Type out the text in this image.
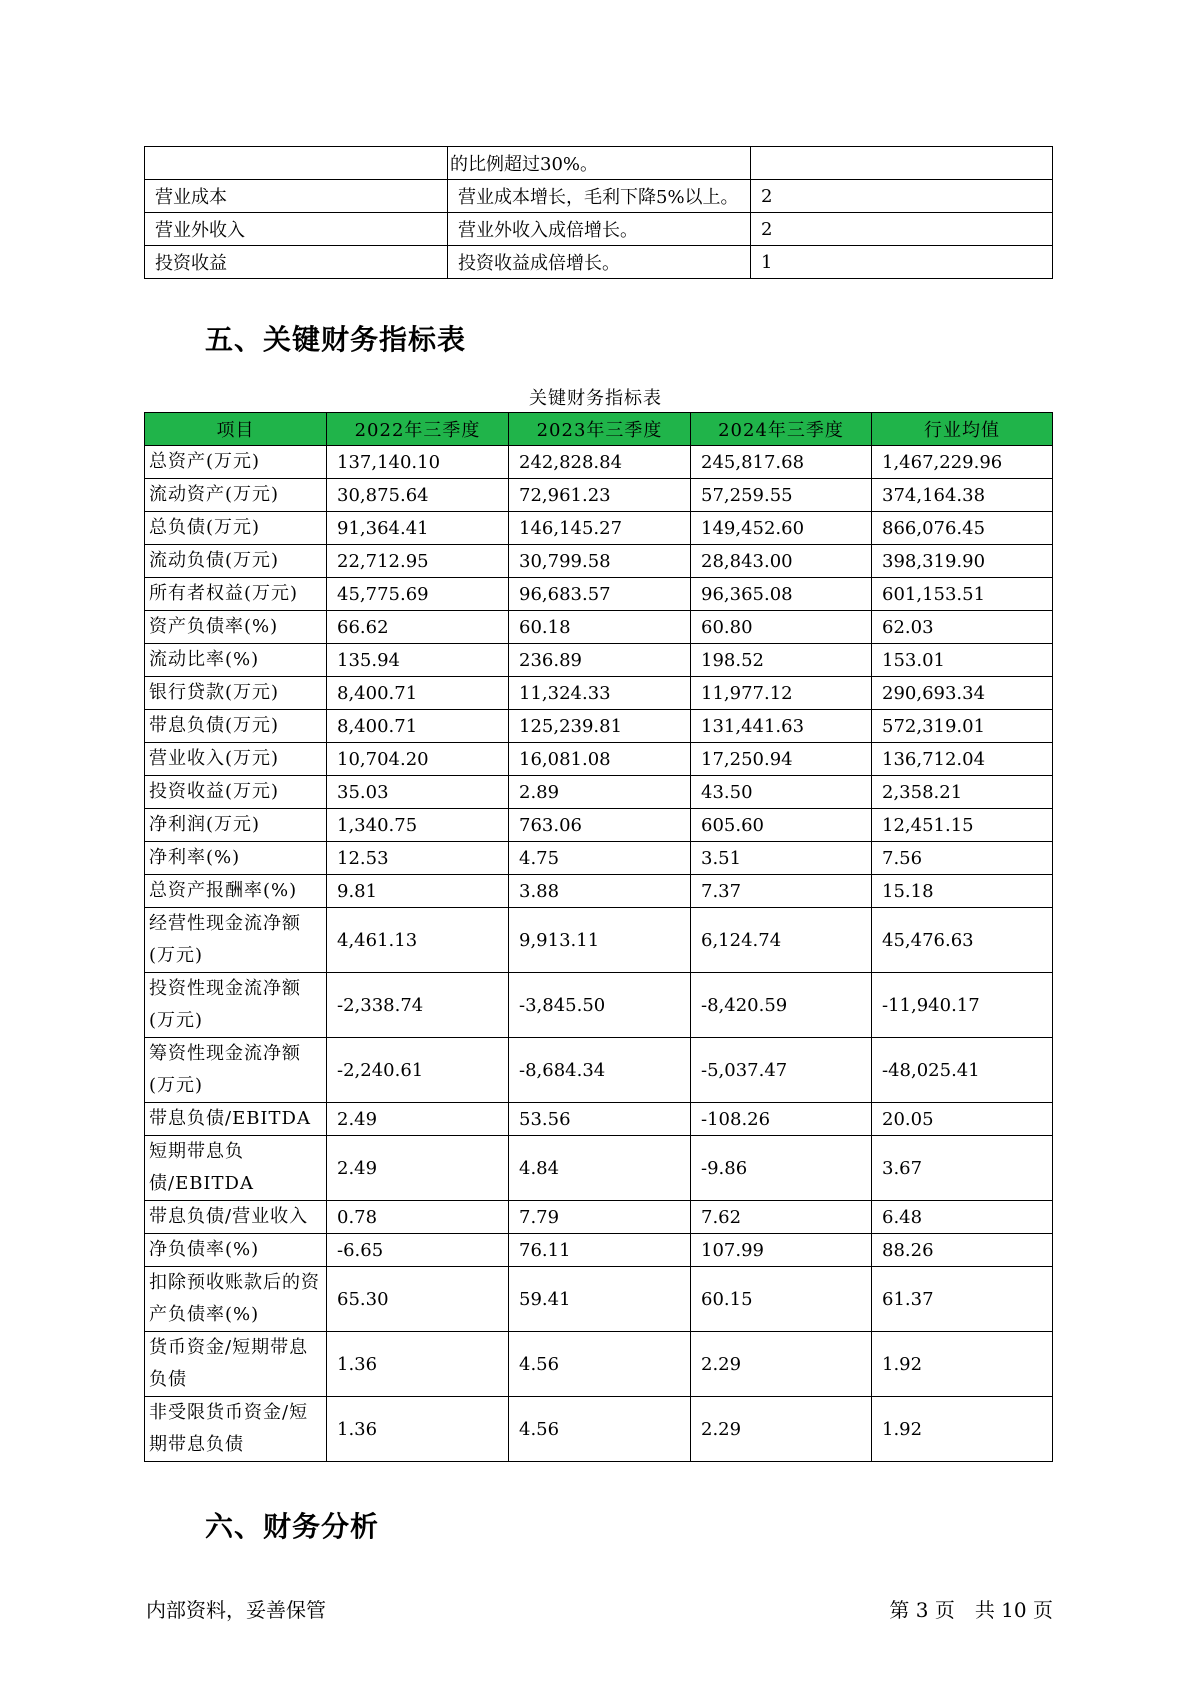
	的比例超过30%。	
营业成本	营业成本增长，毛利下降5%以上。	2
营业外收入	营业外收入成倍增长。	2
投资收益	投资收益成倍增长。	1
五、关键财务指标表
关键财务指标表
项目	2022年三季度	2023年三季度	2024年三季度	行业均值
总资产(万元)	137,140.10	242,828.84	245,817.68	1,467,229.96
流动资产(万元)	30,875.64	72,961.23	57,259.55	374,164.38
总负债(万元)	91,364.41	146,145.27	149,452.60	866,076.45
流动负债(万元)	22,712.95	30,799.58	28,843.00	398,319.90
所有者权益(万元)	45,775.69	96,683.57	96,365.08	601,153.51
资产负债率(%)	66.62	60.18	60.80	62.03
流动比率(%)	135.94	236.89	198.52	153.01
银行贷款(万元)	8,400.71	11,324.33	11,977.12	290,693.34
带息负债(万元)	8,400.71	125,239.81	131,441.63	572,319.01
营业收入(万元)	10,704.20	16,081.08	17,250.94	136,712.04
投资收益(万元)	35.03	2.89	43.50	2,358.21
净利润(万元)	1,340.75	763.06	605.60	12,451.15
净利率(%)	12.53	4.75	3.51	7.56
总资产报酬率(%)	9.81	3.88	7.37	15.18
经营性现金流净额(万元)	4,461.13	9,913.11	6,124.74	45,476.63
投资性现金流净额(万元)	-2,338.74	-3,845.50	-8,420.59	-11,940.17
筹资性现金流净额(万元)	-2,240.61	-8,684.34	-5,037.47	-48,025.41
带息负债/EBITDA	2.49	53.56	-108.26	20.05
短期带息负债/EBITDA	2.49	4.84	-9.86	3.67
带息负债/营业收入	0.78	7.79	7.62	6.48
净负债率(%)	-6.65	76.11	107.99	88.26
扣除预收账款后的资产负债率(%)	65.30	59.41	60.15	61.37
货币资金/短期带息负债	1.36	4.56	2.29	1.92
非受限货币资金/短期带息负债	1.36	4.56	2.29	1.92
六、财务分析
内部资料，妥善保管	第 3 页　共 10 页
